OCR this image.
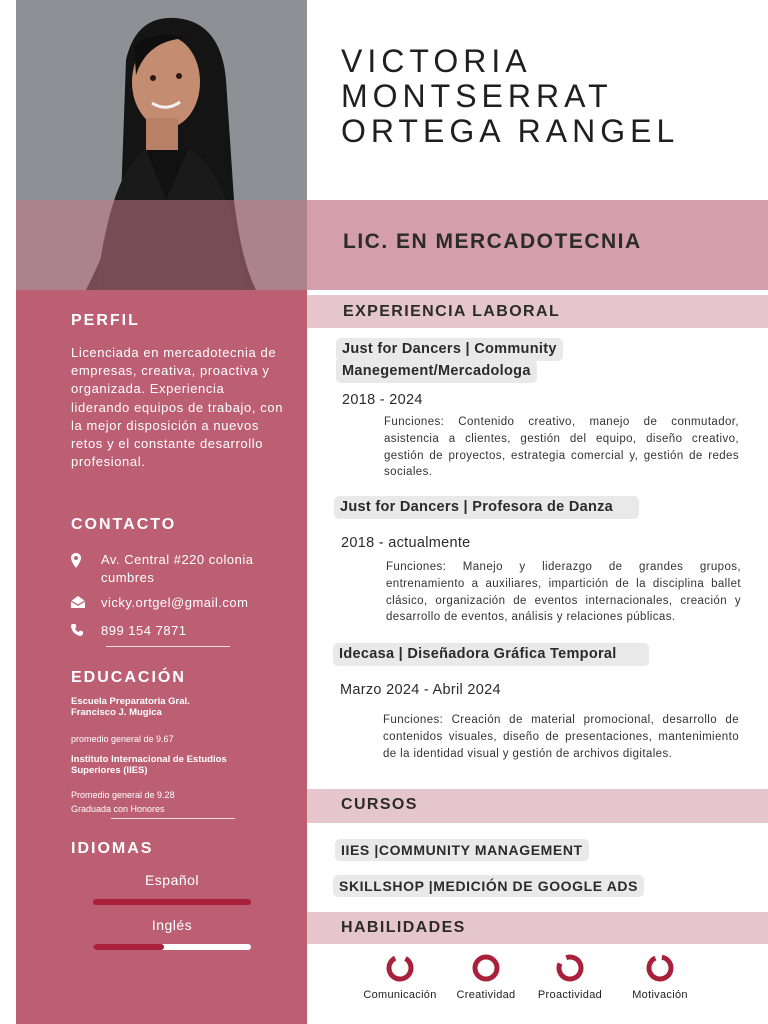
PERFIL
Licenciada en mercadotecnia de empresas, creativa, proactiva y organizada. Experiencia liderando equipos de trabajo, con la mejor disposición a nuevos retos y el constante desarrollo profesional.
CONTACTO
Av. Central #220 colonia cumbres
vicky.ortgel@gmail.com
899 154 7871
EDUCACIÓN
Escuela Preparatoria Gral. Francisco J. Mugica
promedio general de 9.67
Instituto Internacional de Estudios Superiores (IIES)
Promedio general de 9.28
Graduada con Honores
IDIOMAS
Español
Inglés
VICTORIA
MONTSERRAT
ORTEGA RANGEL
LIC. EN MERCADOTECNIA
EXPERIENCIA LABORAL
Just for Dancers | Community
Manegement/Mercadologa
2018 - 2024
Funciones: Contenido creativo, manejo de conmutador, asistencia a clientes, gestión del equipo, diseño creativo, gestión de proyectos, estrategia comercial y, gestión de redes sociales.
Just for Dancers | Profesora de Danza
2018 - actualmente
Funciones: Manejo y liderazgo de grandes grupos, entrenamiento a auxiliares, impartición de la disciplina ballet clásico, organización de eventos internacionales, creación y desarrollo de eventos, análisis y relaciones públicas.
Idecasa | Diseñadora Gráfica Temporal
Marzo 2024 - Abril 2024
Funciones: Creación de material promocional, desarrollo de contenidos visuales, diseño de presentaciones, mantenimiento de la identidad visual y gestión de archivos digitales.
CURSOS
IIES |COMMUNITY MANAGEMENT
SKILLSHOP |MEDICIÓN DE GOOGLE ADS
HABILIDADES
Comunicación	Creatividad	Proactividad	Motivación
